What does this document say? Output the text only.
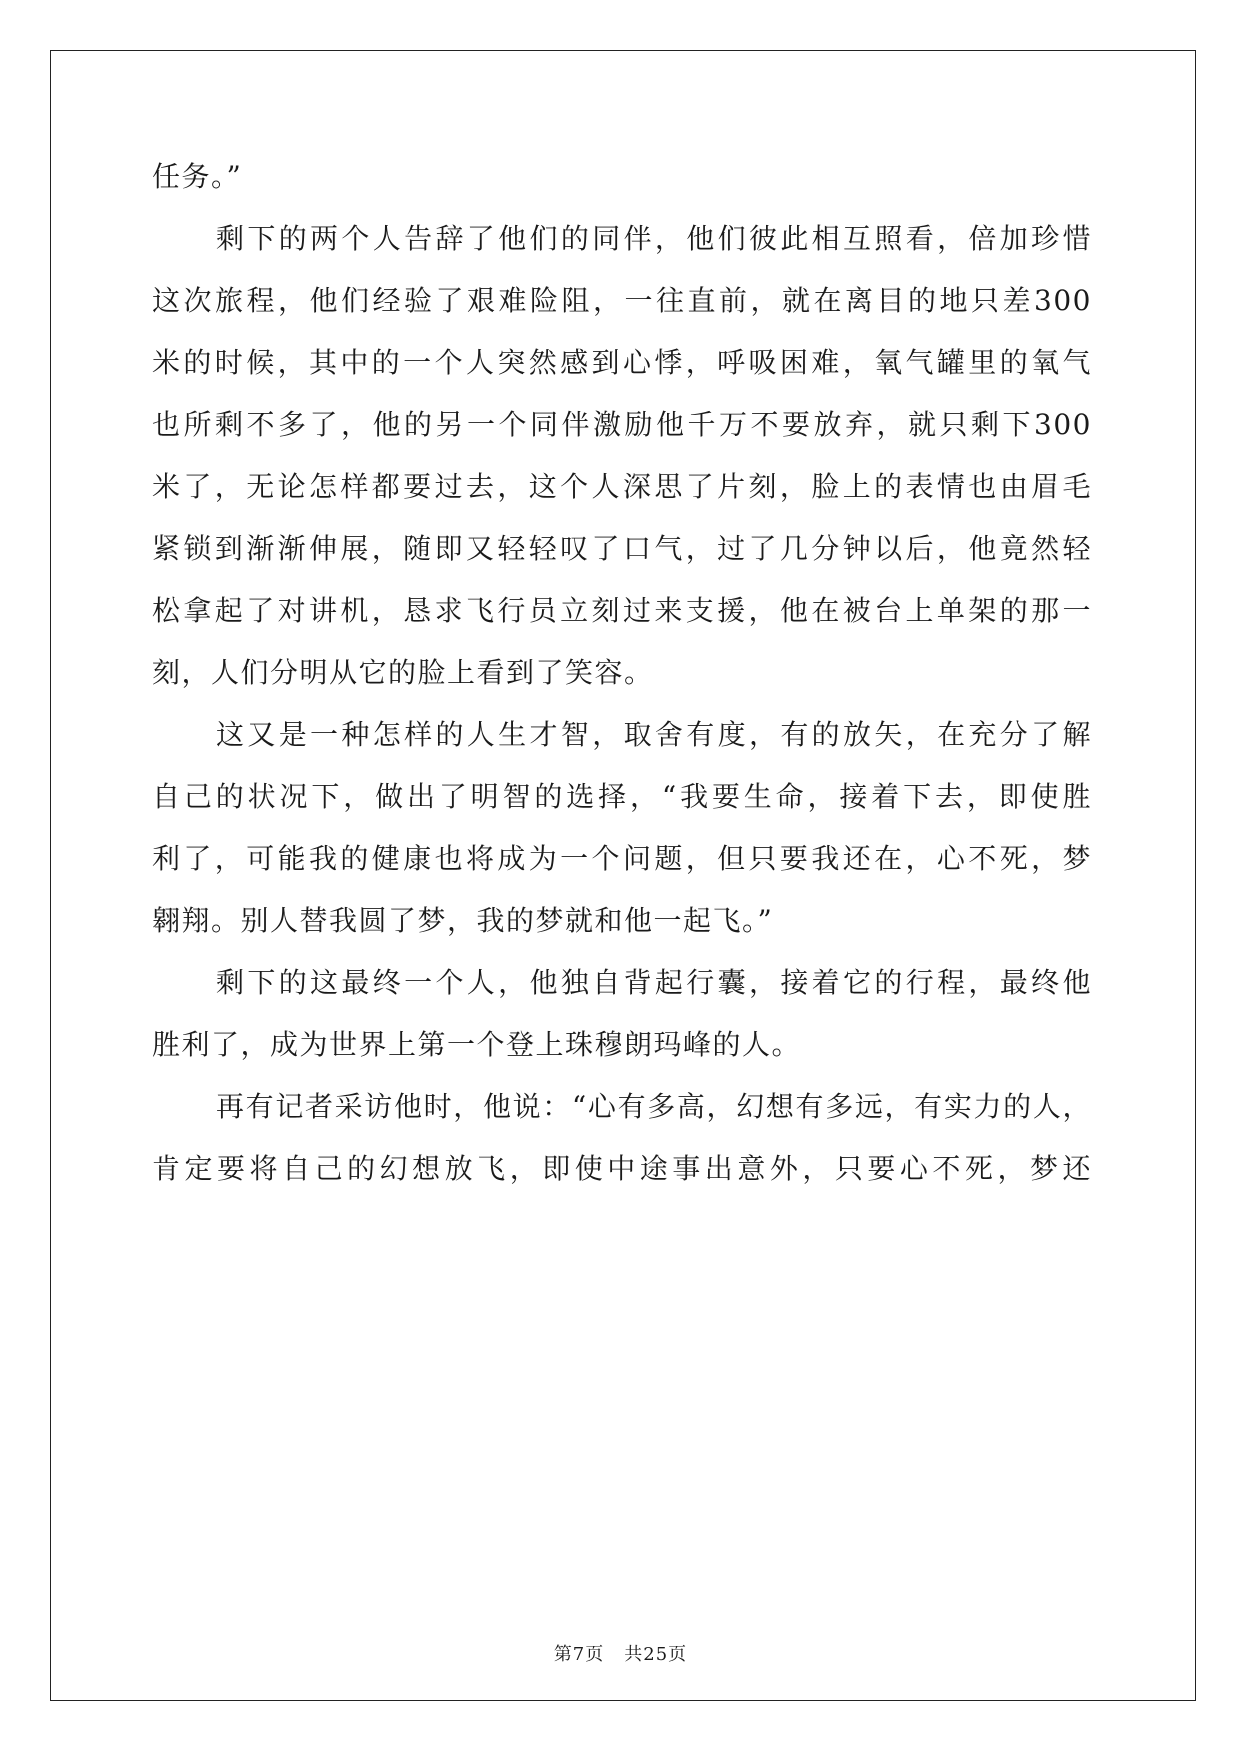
任务。”
剩下的两个人告辞了他们的同伴，他们彼此相互照看，倍加珍惜
这次旅程，他们经验了艰难险阻，一往直前，就在离目的地只差300
米的时候，其中的一个人突然感到心悸，呼吸困难，氧气罐里的氧气
也所剩不多了，他的另一个同伴激励他千万不要放弃，就只剩下300
米了，无论怎样都要过去，这个人深思了片刻，脸上的表情也由眉毛
紧锁到渐渐伸展，随即又轻轻叹了口气，过了几分钟以后，他竟然轻
松拿起了对讲机，恳求飞行员立刻过来支援，他在被台上单架的那一
刻，人们分明从它的脸上看到了笑容。
这又是一种怎样的人生才智，取舍有度，有的放矢，在充分了解
自己的状况下，做出了明智的选择，“我要生命，接着下去，即使胜
利了，可能我的健康也将成为一个问题，但只要我还在，心不死，梦
翱翔。别人替我圆了梦，我的梦就和他一起飞。”
剩下的这最终一个人，他独自背起行囊，接着它的行程，最终他
胜利了，成为世界上第一个登上珠穆朗玛峰的人。
再有记者采访他时，他说：“心有多高，幻想有多远，有实力的人，
肯定要将自己的幻想放飞，即使中途事出意外，只要心不死，梦还
第7页 共25页
